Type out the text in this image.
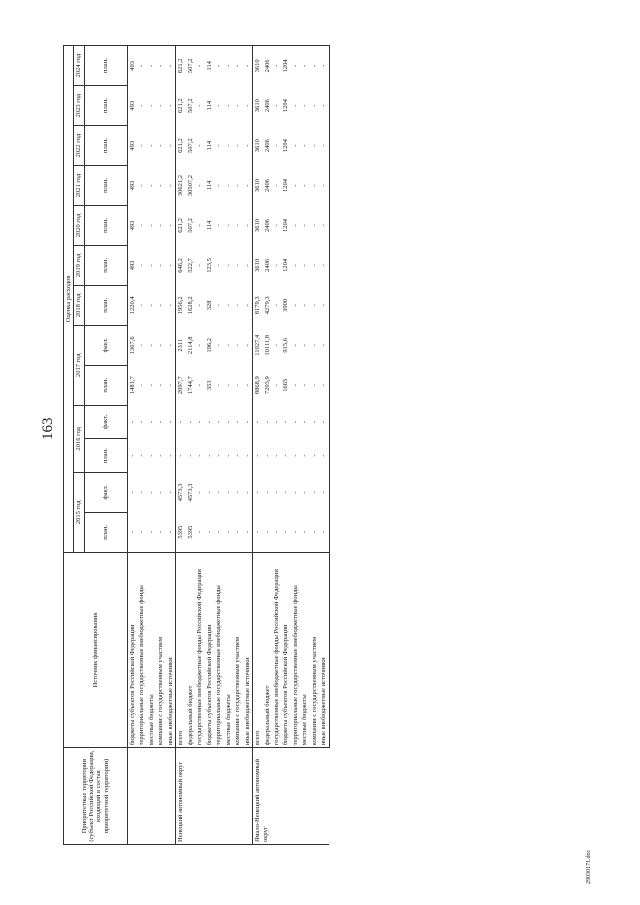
163
29030171.doc
Приоритетные территории (субъект Российской Федерации, входящий в состав приоритетной территории)	Источник финансирования	Оценка расходов												
		2015 год		2016 год		2017 год		2018 год	2019 год	2020 год	2021 год	2022 год	2023 год	2024 год
		план.	факт.	план.	факт.	план.	факт.	план.	план.	план.	план.	план.	план.	план.
	бюджеты субъектов Российской Федерации	-	-	-	-	1481,7	1367,6	1220,4	493	493	493	493	493	493
	территориальные государственные внебюджетные фонды	-	-	-	-	-	-	-	-	-	-	-	-	-
	местные бюджеты	-	-	-	-	-	-	-	-	-	-	-	-	-
	компании с государственным участием	-	-	-	-	-	-	-	-	-	-	-	-	-
	иные внебюджетные источники	-	-	-	-	-	-	-	-	-	-	-	-	-
Ненецкий автономный округ	всего	5395	4573,3	-	-	2097,7	2311	1956,2	646,2	621,2	30621,2	621,2	621,2	621,2
	федеральный бюджет	5395	4573,3	-	-	1744,7	2114,8	1628,2	522,7	507,2	30507,2	507,2	507,2	507,2
	государственные внебюджетные фонды Российской Федерации	-	-	-	-	-	-	-	-	-	-	-	-	-
	бюджеты субъектов Российской Федерации	-	-	-	-	353	196,2	328	123,5	114	114	114	114	114
	территориальные государственные внебюджетные фонды	-	-	-	-	-	-	-	-	-	-	-	-	-
	местные бюджеты	-	-	-	-	-	-	-	-	-	-	-	-	-
	компании с государственным участием	-	-	-	-	-	-	-	-	-	-	-	-	-
	иные внебюджетные источники	-	-	-	-	-	-	-	-	-	-	-	-	-
Ямало-Ненецкий автономный округ	всего	-	-	-	-	8868,9	11027,4	8179,3	3610	3610	3610	3610	3610	3610
	федеральный бюджет	-	-	-	-	7203,9	10111,8	4279,3	2406	2406	2406	2406	2406	2406
	государственные внебюджетные фонды Российской Федерации	-	-	-	-	-	-	-	-	-	-	-	-	-
	бюджеты субъектов Российской Федерации	-	-	-	-	1665	915,6	3900	1204	1204	1204	1204	1204	1204
	территориальные государственные внебюджетные фонды	-	-	-	-	-	-	-	-	-	-	-	-	-
	местные бюджеты	-	-	-	-	-	-	-	-	-	-	-	-	-
	компании с государственным участием	-	-	-	-	-	-	-	-	-	-	-	-	-
	иные внебюджетные источники	-	-	-	-	-	-	-	-	-	-	-	-	-
